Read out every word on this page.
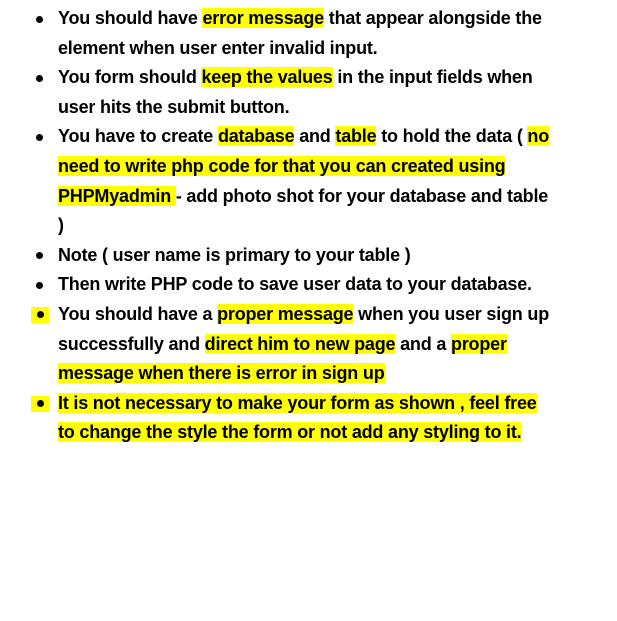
You should have error message that appear alongside the element when user enter invalid input.
You form should keep the values in the input fields when user hits the submit button.
You have to create database and table to hold the data ( no need to write php code for that you can created using PHPMyadmin - add photo shot for your database and table )
Note ( user name is primary to your table )
Then write PHP code to save user data to your database.
You should have a proper message when you user sign up successfully and direct him to new page and a proper message when there is error in sign up
It is not necessary to make your form as shown , feel free to change the style the form or not add any styling to it.
